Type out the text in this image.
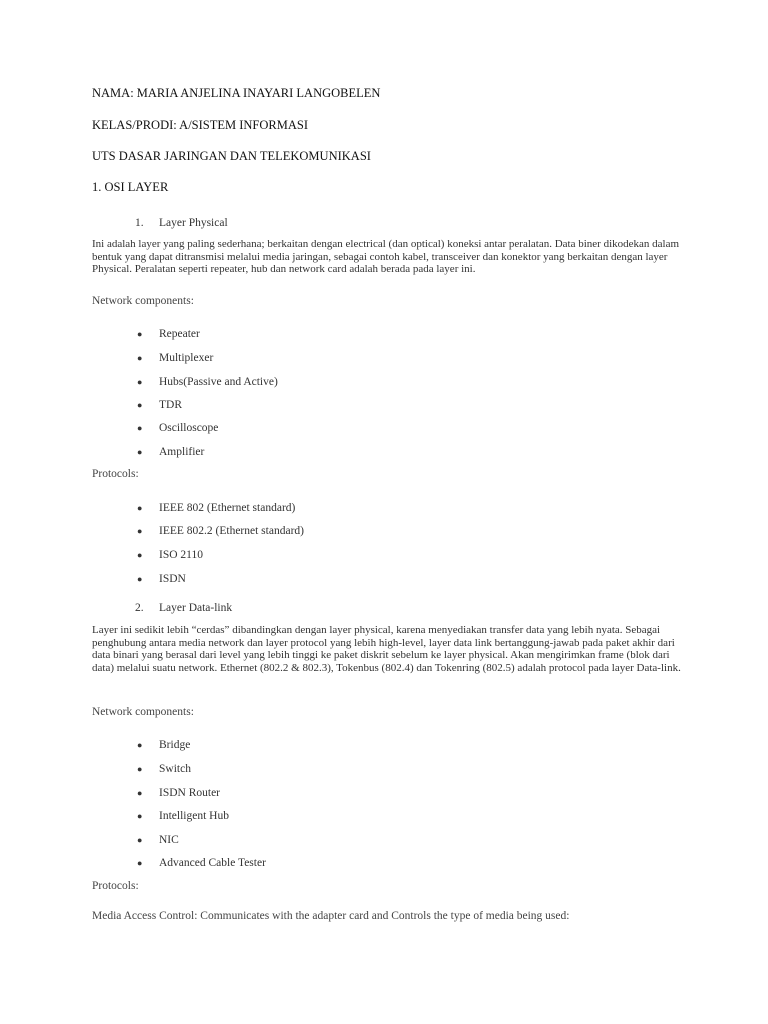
NAMA: MARIA ANJELINA INAYARI LANGOBELEN
KELAS/PRODI: A/SISTEM INFORMASI
UTS DASAR JARINGAN DAN TELEKOMUNIKASI
1. OSI LAYER
1. Layer Physical
Ini adalah layer yang paling sederhana; berkaitan dengan electrical (dan optical) koneksi antar peralatan. Data biner dikodekan dalam bentuk yang dapat ditransmisi melalui media jaringan, sebagai contoh kabel, transceiver dan konektor yang berkaitan dengan layer Physical. Peralatan seperti repeater, hub dan network card adalah berada pada layer ini.
Network components:
● Repeater
● Multiplexer
● Hubs(Passive and Active)
● TDR
● Oscilloscope
● Amplifier
Protocols:
● IEEE 802 (Ethernet standard)
● IEEE 802.2 (Ethernet standard)
● ISO 2110
● ISDN
2. Layer Data-link
Layer ini sedikit lebih “cerdas” dibandingkan dengan layer physical, karena menyediakan transfer data yang lebih nyata. Sebagai penghubung antara media network dan layer protocol yang lebih high-level, layer data link bertanggung-jawab pada paket akhir dari data binari yang berasal dari level yang lebih tinggi ke paket diskrit sebelum ke layer physical. Akan mengirimkan frame (blok dari data) melalui suatu network. Ethernet (802.2 & 802.3), Tokenbus (802.4) dan Tokenring (802.5) adalah protocol pada layer Data-link.
Network components:
● Bridge
● Switch
● ISDN Router
● Intelligent Hub
● NIC
● Advanced Cable Tester
Protocols:
Media Access Control: Communicates with the adapter card and Controls the type of media being used:
